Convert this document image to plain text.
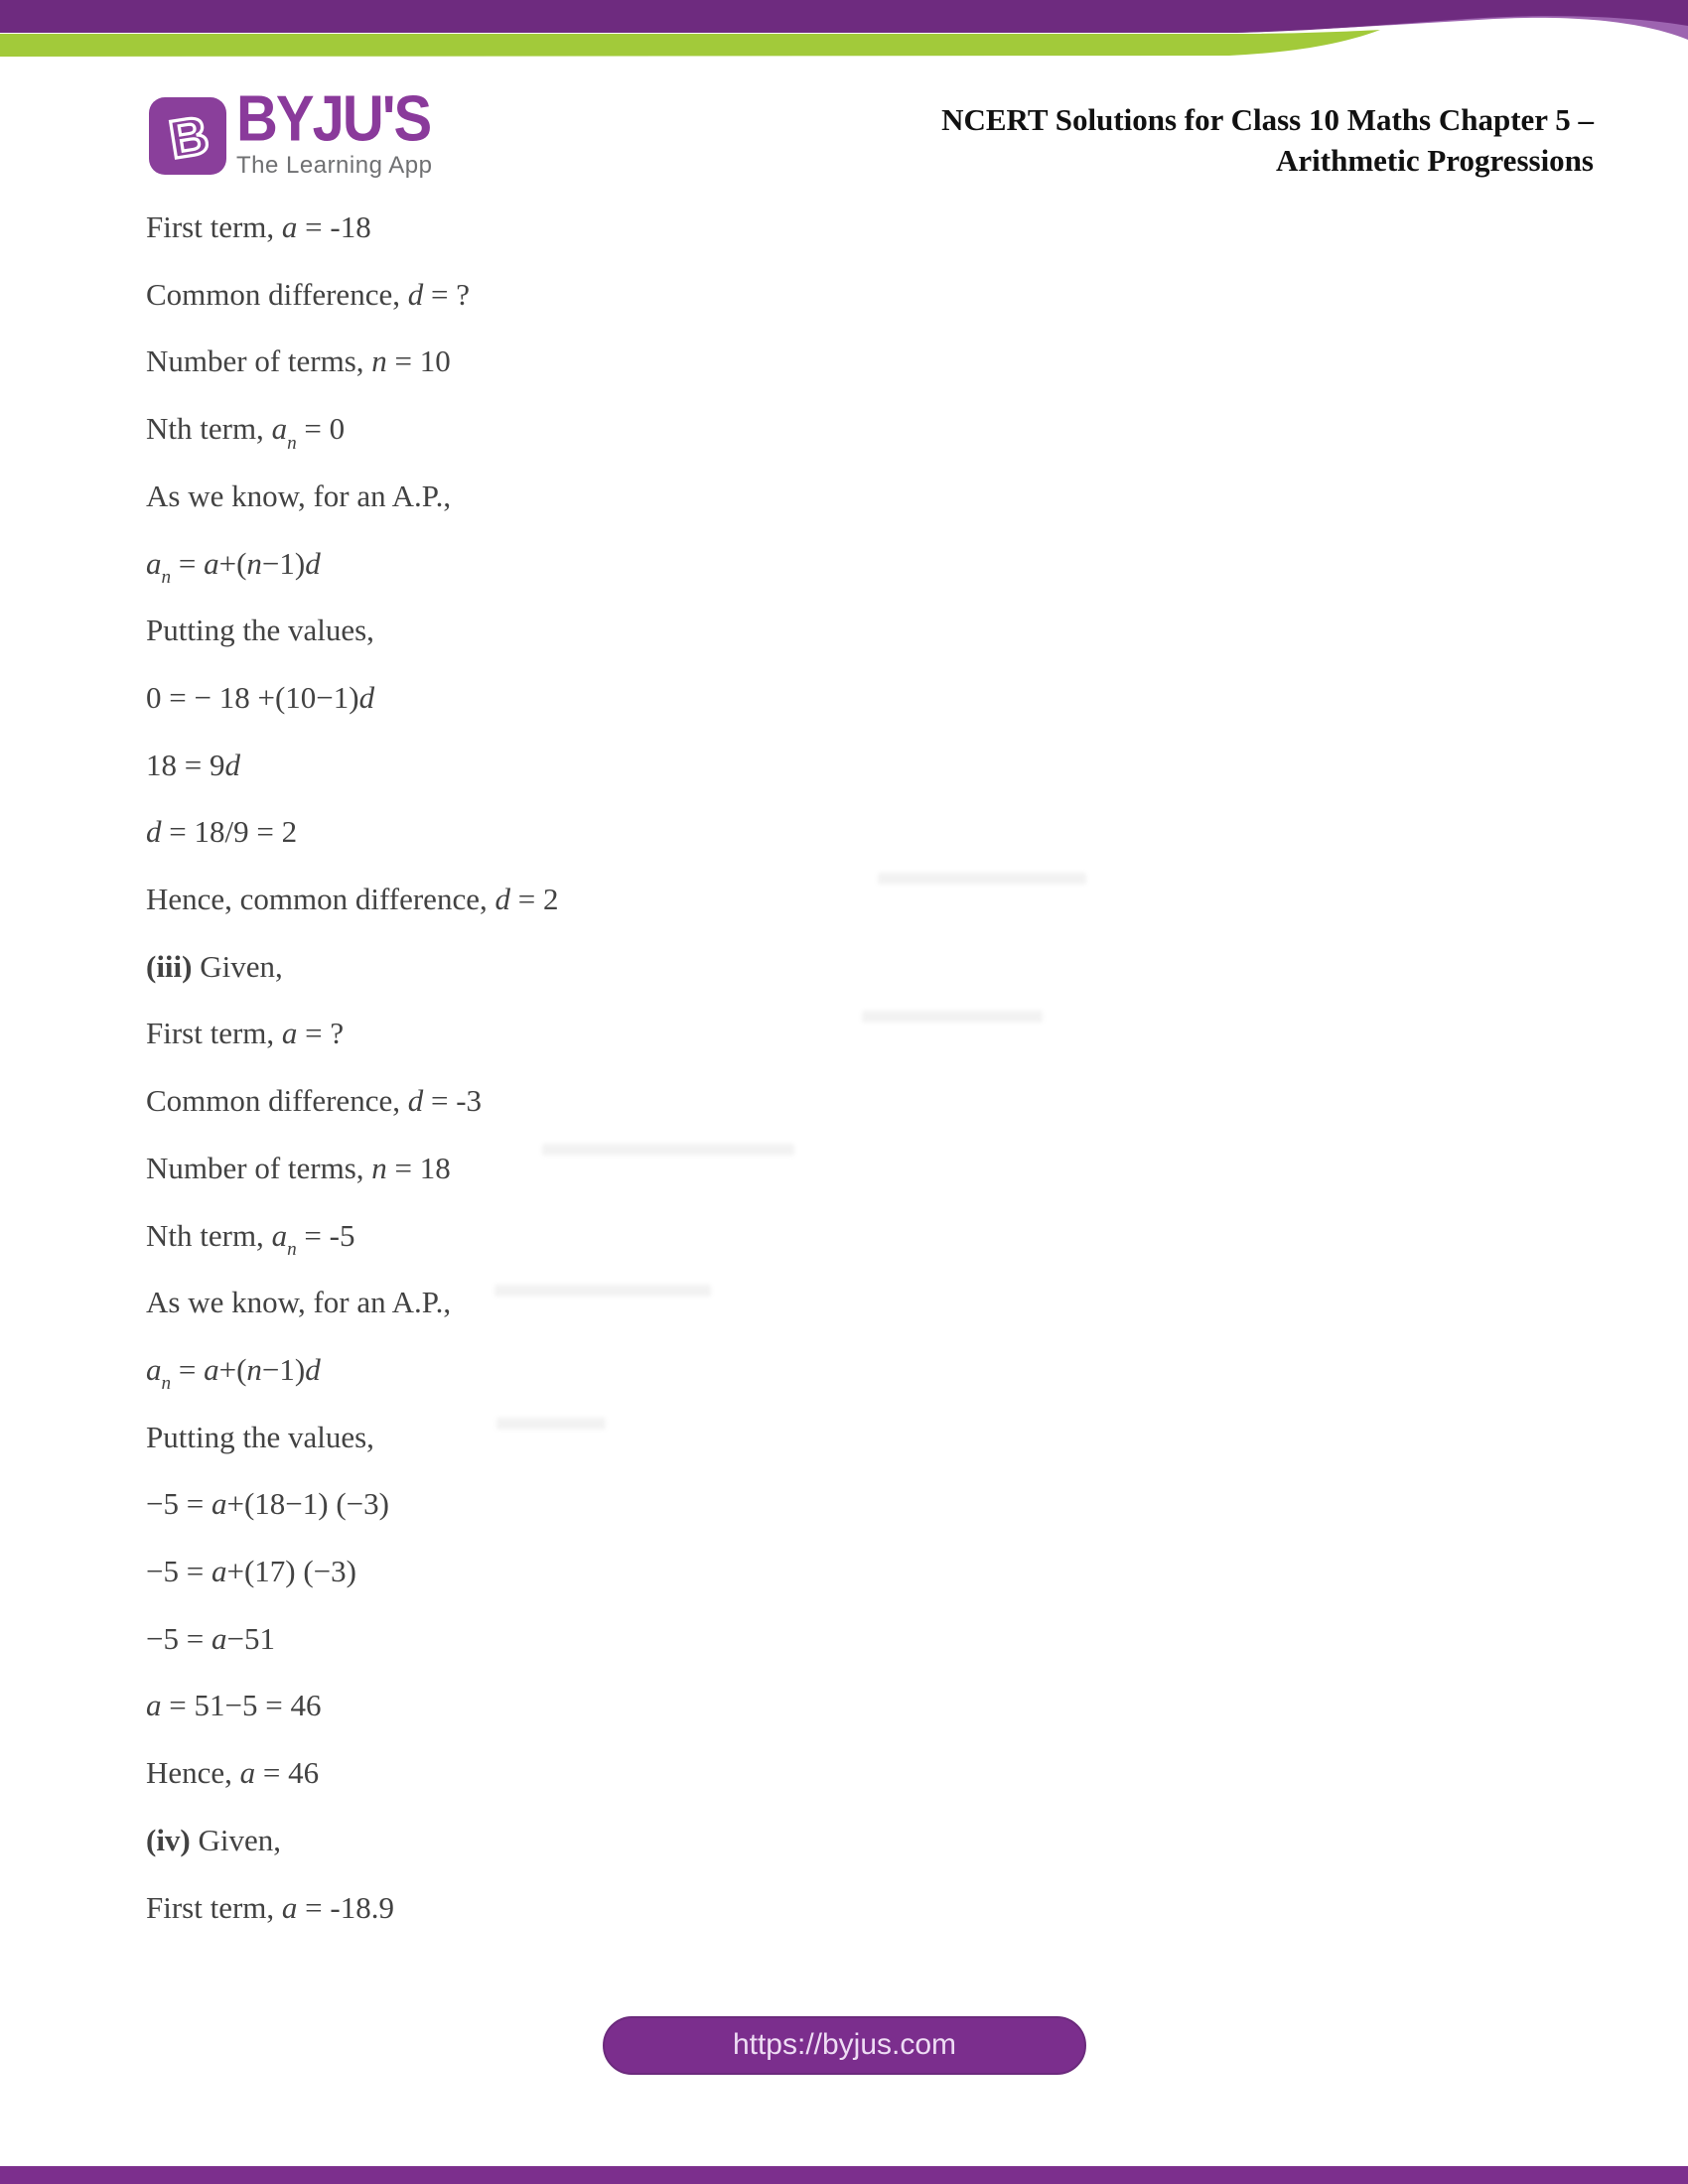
B BYJU'S
The Learning App
NCERT Solutions for Class 10 Maths Chapter 5 –
Arithmetic Progressions

First term, a = -18

Common difference, d = ?

Number of terms, n = 10

Nth term, $a_n = 0$

As we know, for an A.P.,

$a_n = a+(n-1)d$

Putting the values,

0 = − 18 +(10−1)d

18 = 9d

d = 18/9 = 2

Hence, common difference, d = 2

(iii) Given,

First term, a = ?

Common difference, d = -3

Number of terms, n = 18

Nth term, $a_n = -5$

As we know, for an A.P.,

$a_n = a+(n-1)d$

Putting the values,

−5 = a+(18−1) (−3)

−5 = a+(17) (−3)

−5 = a−51

a = 51−5 = 46

Hence, a = 46

(iv) Given,

First term, a = -18.9

https://byjus.com
